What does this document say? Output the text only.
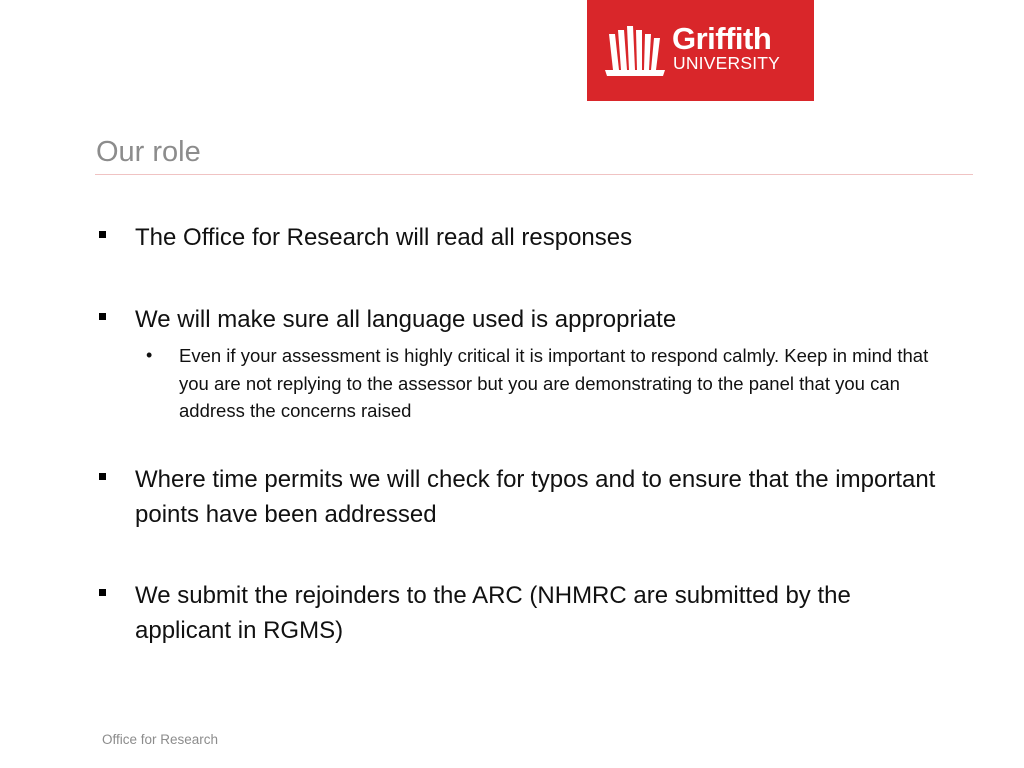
Griffith
UNIVERSITY
Our role
The Office for Research will read all responses
We will make sure all language used is appropriate
• Even if your assessment is highly critical it is important to respond calmly. Keep in mind that you are not replying to the assessor but you are demonstrating to the panel that you can address the concerns raised
Where time permits we will check for typos and to ensure that the important points have been addressed
We submit the rejoinders to the ARC (NHMRC are submitted by the applicant in RGMS)
Office for Research
